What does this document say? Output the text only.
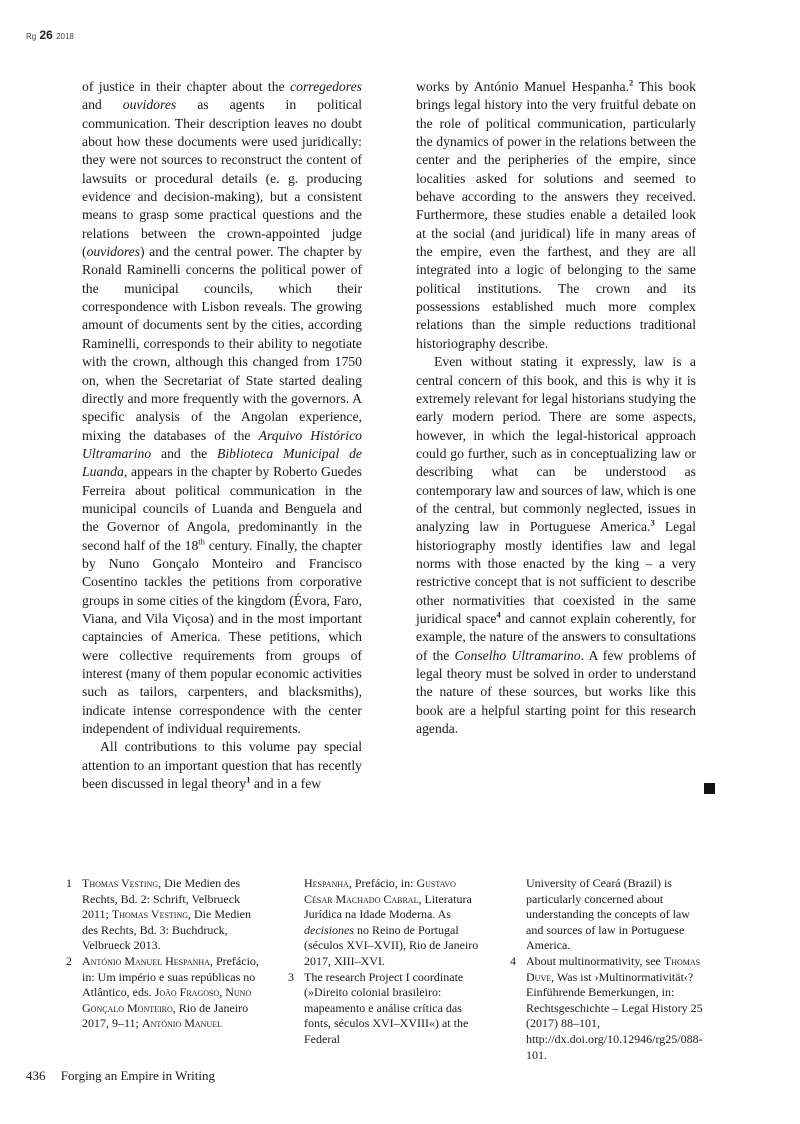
Rg 26 2018

of justice in their chapter about the corregedores and ouvidores as agents in political communication. Their description leaves no doubt about how these documents were used juridically: they were not sources to reconstruct the content of lawsuits or procedural details (e. g. producing evidence and decision-making), but a consistent means to grasp some practical questions and the relations between the crown-appointed judge (ouvidores) and the central power. The chapter by Ronald Raminelli concerns the political power of the municipal councils, which their correspondence with Lisbon reveals. The growing amount of documents sent by the cities, according Raminelli, corresponds to their ability to negotiate with the crown, although this changed from 1750 on, when the Secretariat of State started dealing directly and more frequently with the governors. A specific analysis of the Angolan experience, mixing the databases of the Arquivo Histórico Ultramarino and the Biblioteca Municipal de Luanda, appears in the chapter by Roberto Guedes Ferreira about political communication in the municipal councils of Luanda and Benguela and the Governor of Angola, predominantly in the second half of the 18th century. Finally, the chapter by Nuno Gonçalo Monteiro and Francisco Cosentino tackles the petitions from corporative groups in some cities of the kingdom (Évora, Faro, Viana, and Vila Viçosa) and in the most important captaincies of America. These petitions, which were collective requirements from groups of interest (many of them popular economic activities such as tailors, carpenters, and blacksmiths), indicate intense correspondence with the center independent of individual requirements.

All contributions to this volume pay special attention to an important question that has recently been discussed in legal theory$^1$ and in a few

works by António Manuel Hespanha.$^2$ This book brings legal history into the very fruitful debate on the role of political communication, particularly the dynamics of power in the relations between the center and the peripheries of the empire, since localities asked for solutions and seemed to behave according to the answers they received. Furthermore, these studies enable a detailed look at the social (and juridical) life in many areas of the empire, even the farthest, and they are all integrated into a logic of belonging to the same political institutions. The crown and its possessions established much more complex relations than the simple reductions traditional historiography describe.

Even without stating it expressly, law is a central concern of this book, and this is why it is extremely relevant for legal historians studying the early modern period. There are some aspects, however, in which the legal-historical approach could go further, such as in conceptualizing law or describing what can be understood as contemporary law and sources of law, which is one of the central, but commonly neglected, issues in analyzing law in Portuguese America.$^3$ Legal historiography mostly identifies law and legal norms with those enacted by the king – a very restrictive concept that is not sufficient to describe other normativities that coexisted in the same juridical space$^4$ and cannot explain coherently, for example, the nature of the answers to consultations of the Conselho Ultramarino. A few problems of legal theory must be solved in order to understand the nature of these sources, but works like this book are a helpful starting point for this research agenda.

1 Thomas Vesting, Die Medien des Rechts, Bd. 2: Schrift, Velbrueck 2011; Thomas Vesting, Die Medien des Rechts, Bd. 3: Buchdruck, Velbrueck 2013.

2 António Manuel Hespanha, Prefácio, in: Um império e suas repúblicas no Atlântico, eds. João Fragoso, Nuno Gonçalo Monteiro, Rio de Janeiro 2017, 9–11; António Manuel

Hespanha, Prefácio, in: Gustavo César Machado Cabral, Literatura Jurídica na Idade Moderna. As decisiones no Reino de Portugal (séculos XVI–XVII), Rio de Janeiro 2017, XIII–XVI.

3 The research Project I coordinate (»Direito colonial brasileiro: mapeamento e análise crítica das fonts, séculos XVI–XVIII«) at the Federal

University of Ceará (Brazil) is particularly concerned about understanding the concepts of law and sources of law in Portuguese America.

4 About multinormativity, see Thomas Duve, Was ist ›Multinormativität‹? Einführende Bemerkungen, in: Rechtsgeschichte – Legal History 25 (2017) 88–101, http://dx.doi.org/10.12946/rg25/088-101.

436 Forging an Empire in Writing
